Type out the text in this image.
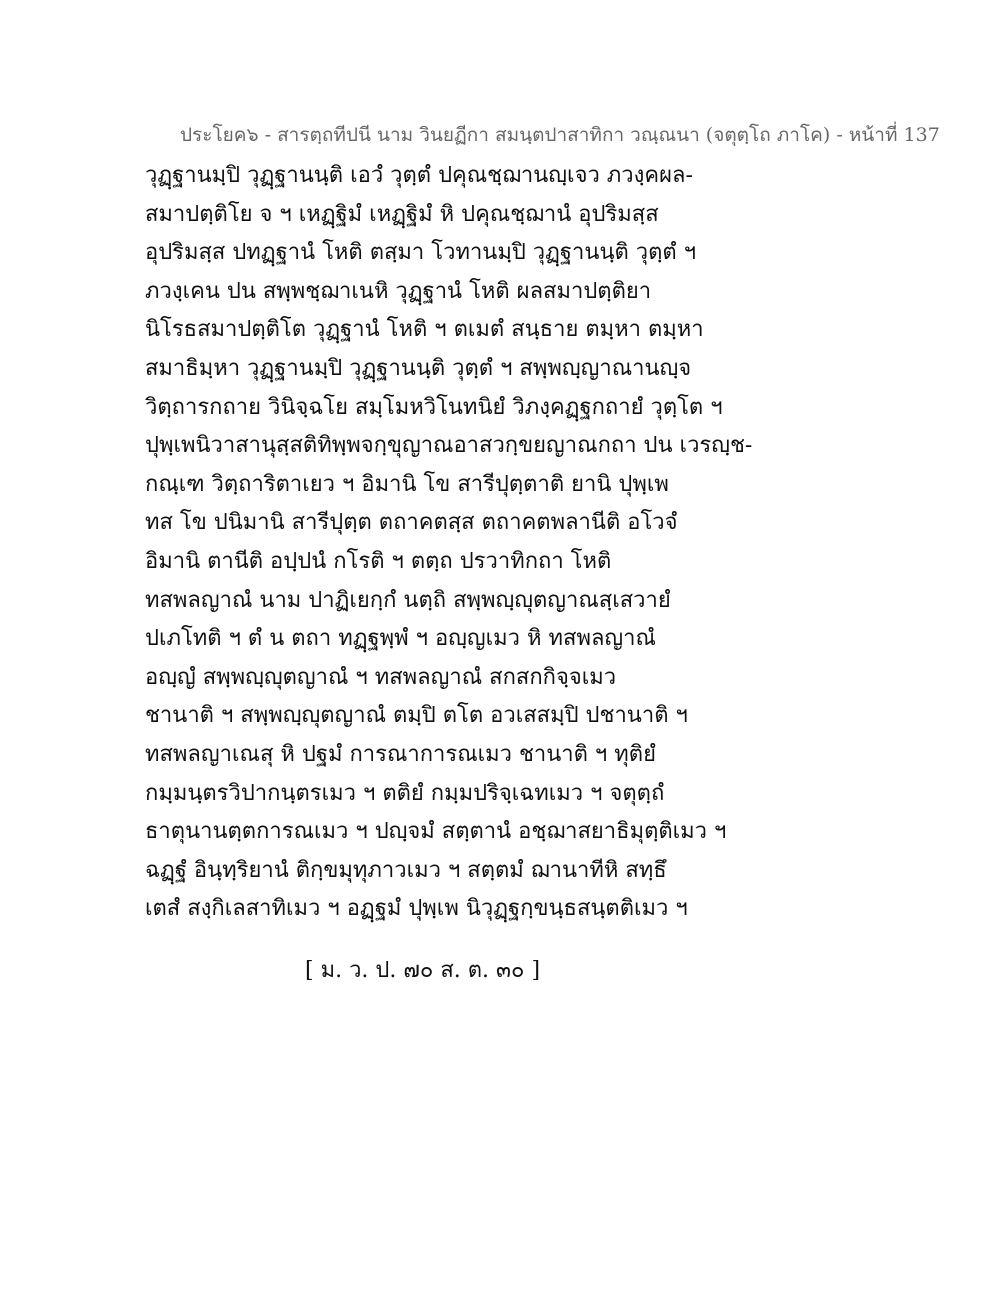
ประโยค๖ - สารตฺถทีปนี นาม วินยฏีกา สมนฺตปาสาทิกา วณฺณนา (จตุตฺโถ ภาโค) - หน้าที่ 137
วุฏฺฐานมฺปิ วุฏฺฐานนฺติ เอวํ วุตฺตํ ปคุณชฺฌานญฺเจว ภวงฺคผล-
สมาปตฺติโย จ ฯ เหฏฺฐิมํ เหฏฺฐิมํ หิ ปคุณชฺฌานํ อุปริมสฺส
อุปริมสฺส ปทฏฺฐานํ โหติ ตสฺมา โวทานมฺปิ วุฏฺฐานนฺติ วุตฺตํ ฯ
ภวงฺเคน ปน สพฺพชฺฌาเนหิ วุฏฺฐานํ โหติ ผลสมาปตฺติยา
นิโรธสมาปตฺติโต วุฏฺฐานํ โหติ ฯ ตเมตํ สนฺธาย ตมฺหา ตมฺหา
สมาธิมฺหา วุฏฺฐานมฺปิ วุฏฺฐานนฺติ วุตฺตํ ฯ สพฺพญฺญาณานญฺจ
วิตฺถารกถาย วินิจฺฉโย สมฺโมหวิโนทนิยํ วิภงฺคฏฺฐกถายํ วุตฺโต ฯ
ปุพฺเพนิวาสานุสฺสติทิพฺพจกฺขุญาณอาสวกฺขยญาณกถา ปน เวรญฺช-
กณฺเฑ วิตฺถาริตาเยว ฯ อิมานิ โข สารีปุตฺตาติ ยานิ ปุพฺเพ
ทส โข ปนิมานิ สารีปุตฺต ตถาคตสฺส ตถาคตพลานีติ อโวจํ
อิมานิ ตานีติ อปฺปนํ กโรติ ฯ ตตฺถ ปรวาทิกถา โหติ
ทสพลญาณํ นาม ปาฏิเยกฺกํ นตฺถิ สพฺพญฺญุตญาณสฺเสวายํ
ปเภโทติ ฯ ตํ น ตถา ทฏฺฐพฺพํ ฯ อญฺญเมว หิ ทสพลญาณํ
อญฺญํ สพฺพญฺญุตญาณํ ฯ ทสพลญาณํ สกสกกิจฺจเมว
ชานาติ ฯ สพฺพญฺญุตญาณํ ตมฺปิ ตโต อวเสสมฺปิ ปชานาติ ฯ
ทสพลญาเณสุ หิ ปฐมํ การณาการณเมว ชานาติ ฯ ทุติยํ
กมฺมนฺตรวิปากนฺตรเมว ฯ ตติยํ กมฺมปริจฺเฉทเมว ฯ จตุตฺถํ
ธาตุนานตฺตการณเมว ฯ ปญฺจมํ สตฺตานํ อชฺฌาสยาธิมุตฺติเมว ฯ
ฉฏฺฐํ อินฺทฺริยานํ ติกฺขมุทุภาวเมว ฯ สตฺตมํ ฌานาทีหิ สทฺธึ
เตสํ สงฺกิเลสาทิเมว ฯ อฏฺฐมํ ปุพฺเพ นิวุฏฺฐกฺขนฺธสนฺตติเมว ฯ
[ ม. ว. ป. ๗๐ ส. ต. ๓๐ ]
